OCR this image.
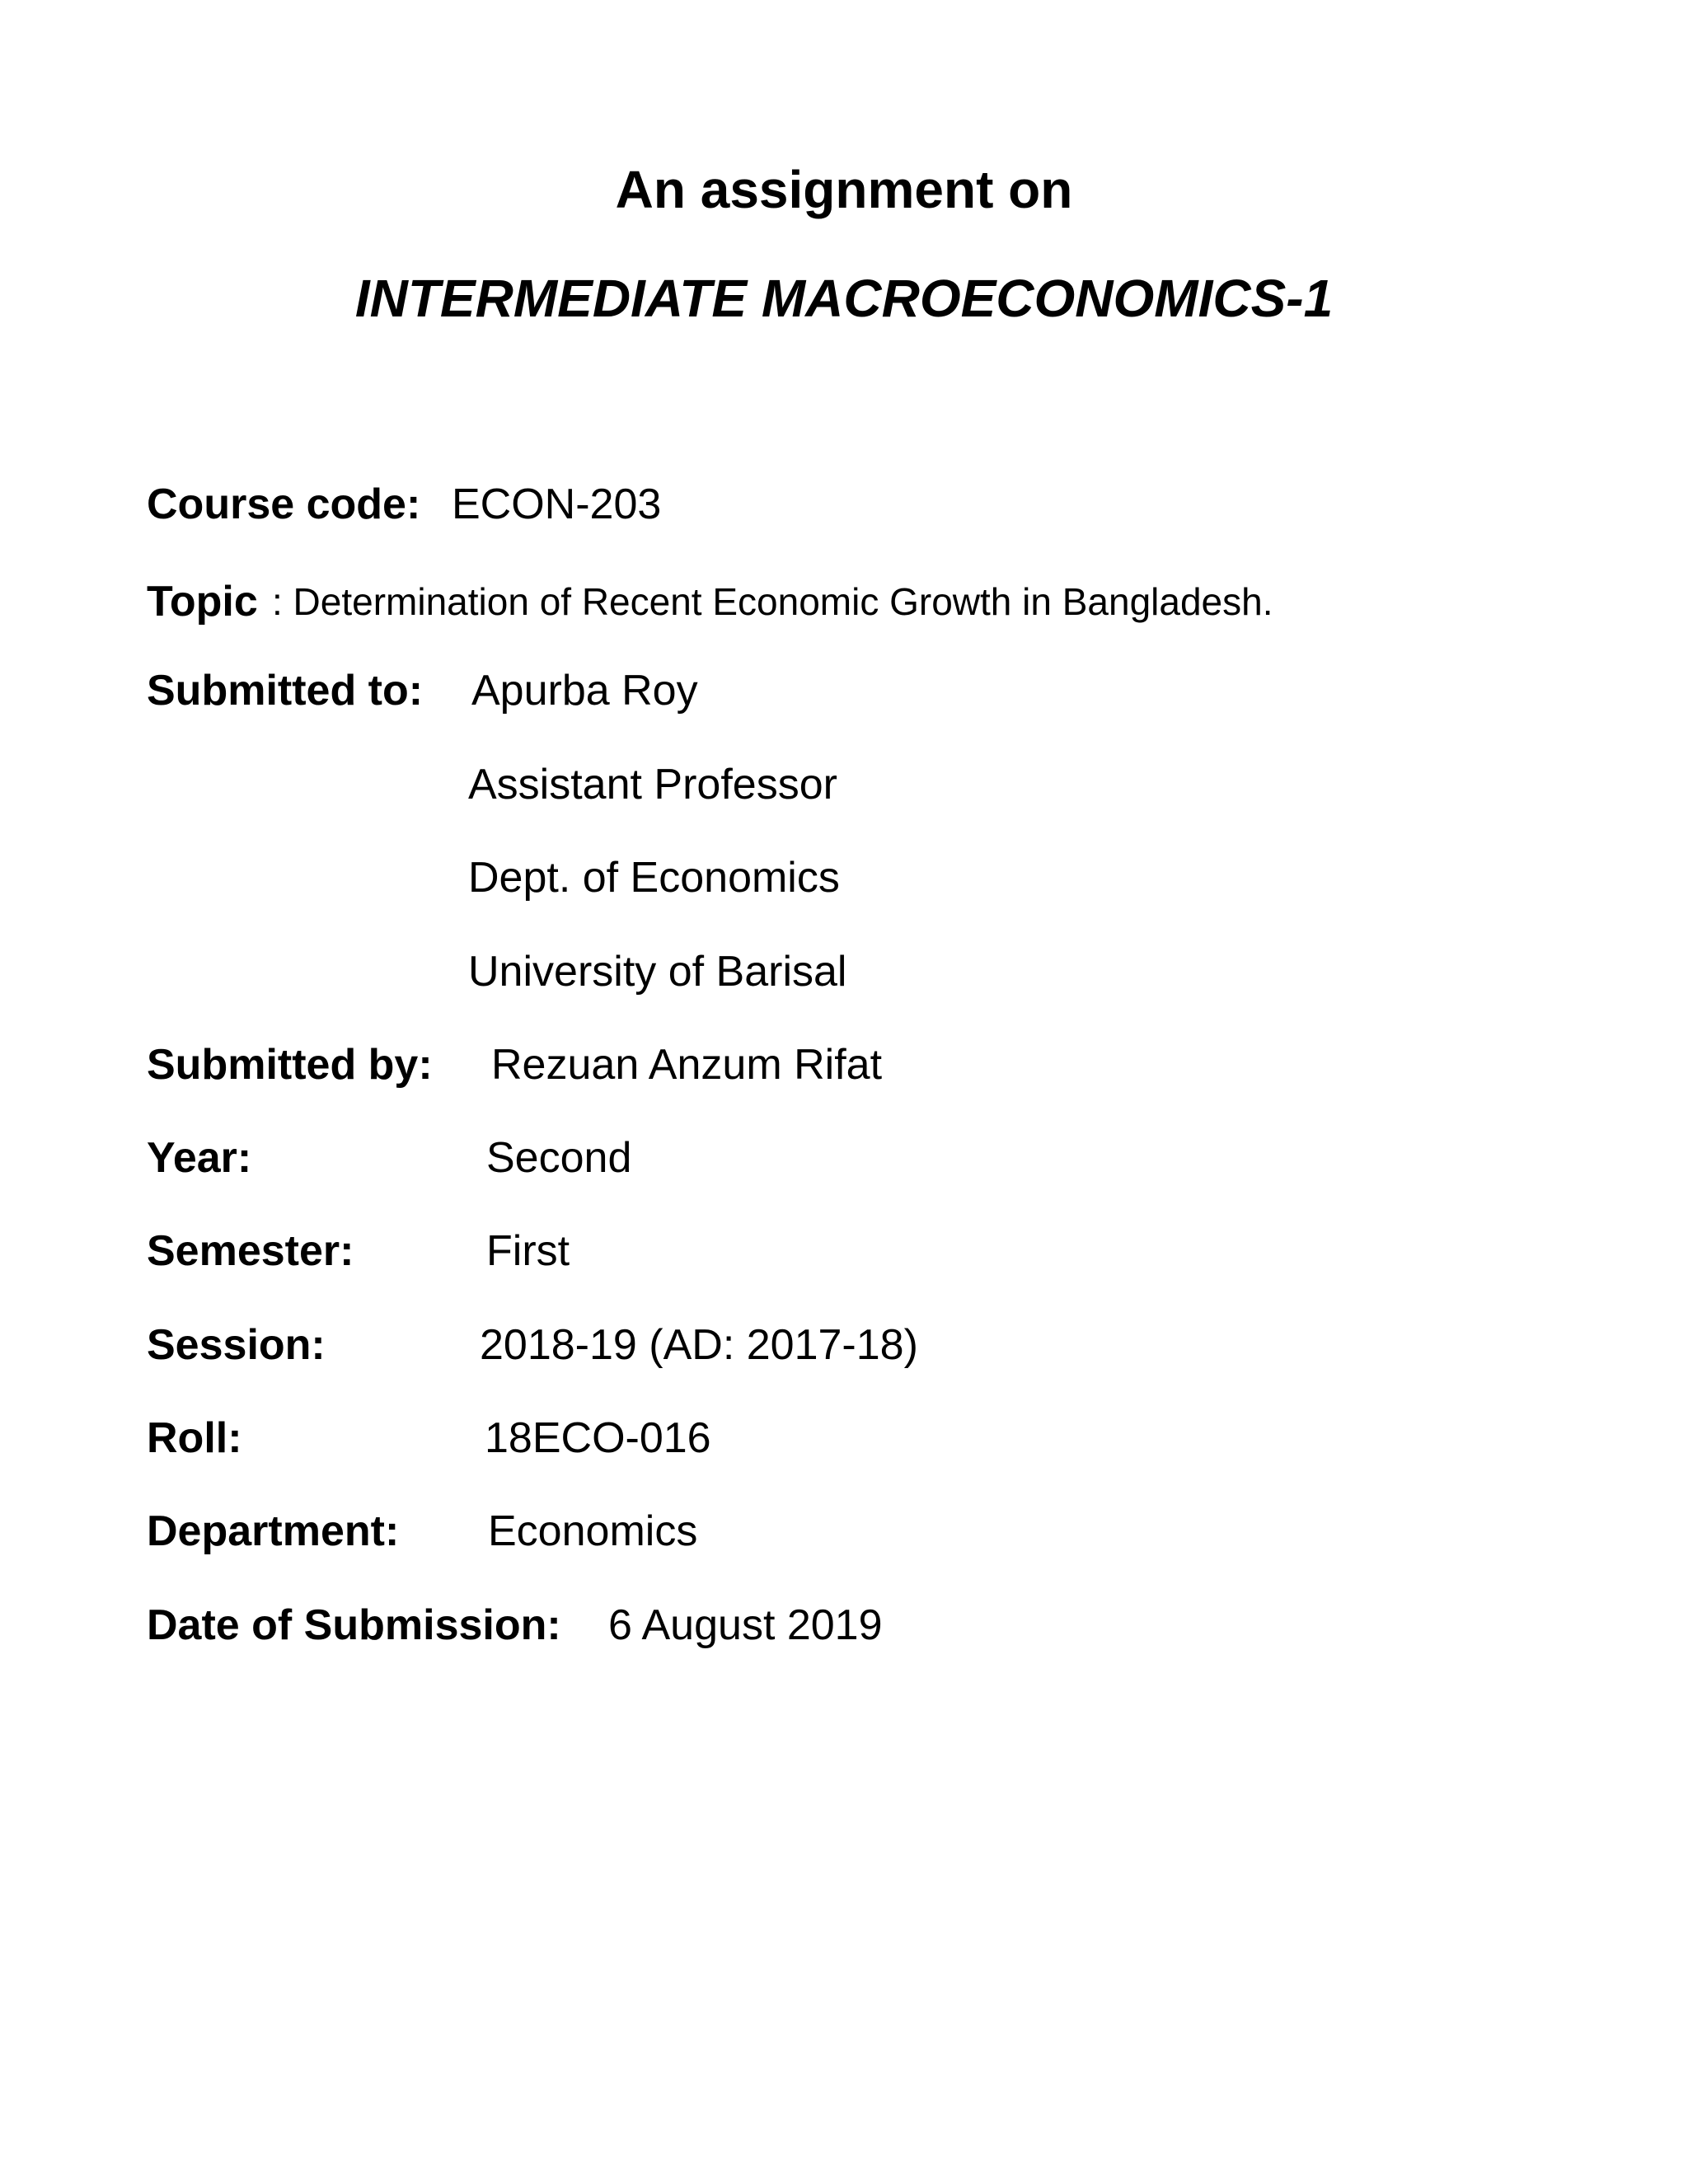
An assignment on
INTERMEDIATE MACROECONOMICS-1
Course code: ECON-203
Topic : Determination of Recent Economic Growth in Bangladesh.
Submitted to: Apurba Roy
Assistant Professor
Dept. of Economics
University of Barisal
Submitted by: Rezuan Anzum Rifat
Year:	Second
Semester:	First
Session:	2018-19 (AD: 2017-18)
Roll:	18ECO-016
Department: Economics
Date of Submission: 6 August 2019
